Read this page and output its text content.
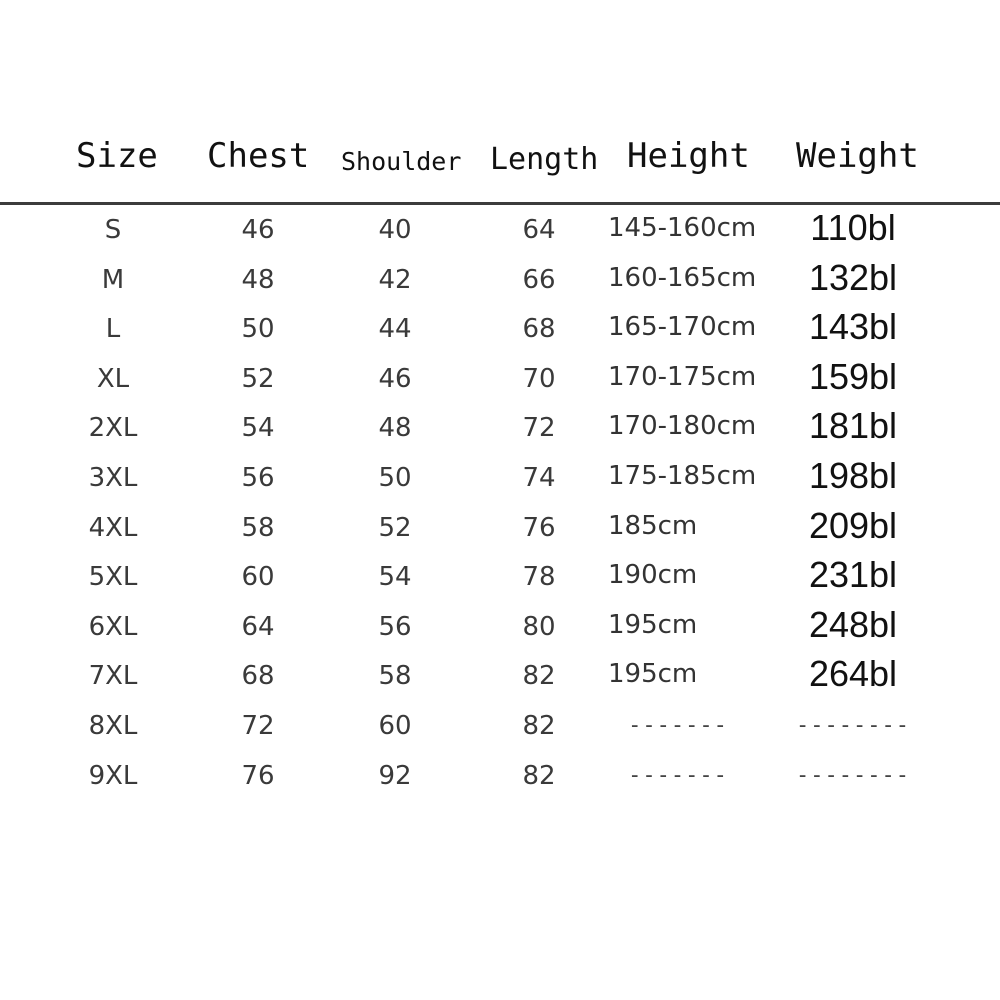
Size Chest Shoulder Length Height Weight
S	46	40	64 145-160cm 110bl
M	48	42	66 160-165cm 132bl
L	50	44	68 165-170cm 143bl
XL	52	46	70 170-175cm 159bl
2XL	54	48	72 170-180cm 181bl
3XL	56	50	74 175-185cm 198bl
4XL	58	52	76 185cm	209bl
5XL	60	54	78 190cm	231bl
6XL	64	56	80 195cm	248bl
7XL	68	58	82 195cm	264bl
8XL	72	60	82	-------	--------
9XL	76	92	82	-------	--------
